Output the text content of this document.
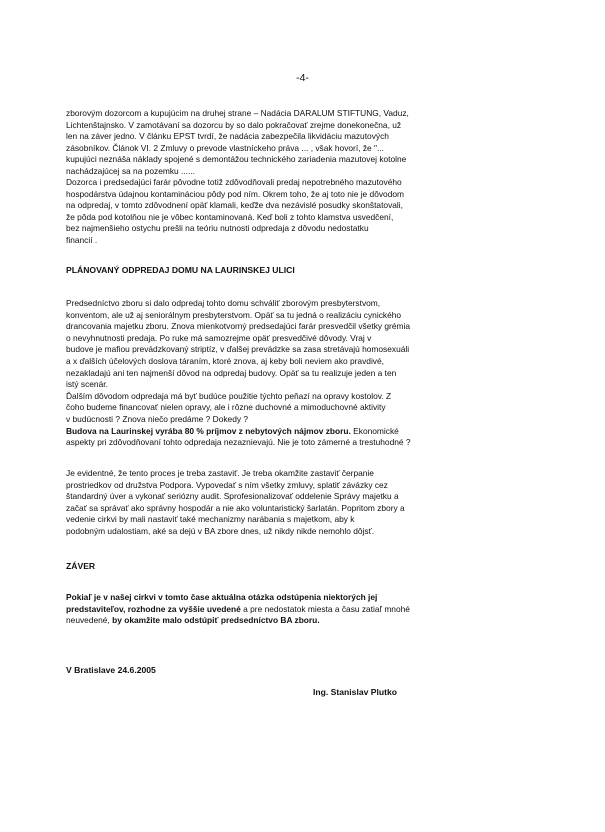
-4-

zborovým dozorcom a kupujúcim na druhej strane – Nadácia DARALUM STIFTUNG, Vaduz,
Lichtenštajnsko. V zamotávaní sa dozorcu by so dalo pokračovať zrejme donekonečna, už
len na záver jedno. V článku EPST tvrdí, že nadácia zabezpečila likvidáciu mazutových
zásobníkov. Článok VI. 2 Zmluvy o prevode vlastníckeho práva ... , však hovorí, že "...
kupujúci neznáša náklady spojené s demontážou technického zariadenia mazutovej kotolne
nachádzajúcej sa na pozemku ......

Dozorca i predsedajúci farár pôvodne totiž zdôvodňovali predaj nepotrebného mazutového
hospodárstva údajnou kontamináciou pôdy pod ním. Okrem toho, že aj toto nie je dôvodom
na odpredaj, v tomto zdôvodnení opäť klamali, keďže dva nezávislé posudky skonštatovali,
že pôda pod kotolňou nie je vôbec kontaminovaná. Keď boli z tohto klamstva usvedčení,
bez najmenšieho ostychu prešli na teóriu nutnosti odpredaja z dôvodu nedostatku
financií .

PLÁNOVANÝ ODPREDAJ DOMU NA LAURINSKEJ ULICI

Predsedníctvo zboru si dalo odpredaj tohto domu schváliť zborovým presbyterstvom,
konventom, ale už aj seniorálnym presbyterstvom. Opäť sa tu jedná o realizáciu cynického
drancovania majetku zboru. Znova mienkotvorný predsedajúci farár presvedčil všetky grémia
o nevyhnutnosti predaja. Po ruke má samozrejme opäť presvedčivé dôvody. Vraj v
budove je mafiou prevádzkovaný striptíz, v ďalšej prevádzke sa zasa stretávajú homosexuáli
a x ďalších účelových doslova táraním, ktoré znova, aj keby boli neviem ako pravdivé,
nezakladajú ani ten najmenší dôvod na odpredaj budovy. Opäť sa tu realizuje jeden a ten
istý scenár.
Ďalším dôvodom odpredaja má byť budúce použitie týchto peňazí na opravy kostolov. Z
čoho budeme financovať nielen opravy, ale i rôzne duchovné a mimoduchovné aktivity
v budúcnosti ? Znova niečo predáme ? Dokedy ?
Budova na Laurinskej vyrába 80 % príjmov z nebytových nájmov zboru. Ekonomické
aspekty pri zdôvodňovaní tohto odpredaja nezaznievajú. Nie je toto zámerné a trestuhodné ?

Je evidentné, že tento proces je treba zastaviť. Je treba okamžite zastaviť čerpanie
prostriedkov od družstva Podpora. Vypovedať s ním všetky zmluvy, splatiť závázky cez
štandardný úver a vykonať seriózny audit. Sprofesionalizovať oddelenie Správy majetku a
začať sa správať ako správny hospodár a nie ako voluntaristický šarlatán. Popritom zbory a
vedenie cirkvi by mali nastaviť také mechanizmy narábania s majetkom, aby k
podobným udalostiam, aké sa dejú v BA zbore dnes, už nikdy nikde nemohlo dôjsť.

ZÁVER

Pokiaľ je v našej cirkvi v tomto čase aktuálna otázka odstúpenia niektorých jej
predstaviteľov, rozhodne za vyššie uvedené a pre nedostatok miesta a času zatiaľ mnohé
neuvedené, by okamžite malo odstúpiť predsedníctvo BA zboru.

V Bratislave 24.6.2005
Ing. Stanislav Plutko
